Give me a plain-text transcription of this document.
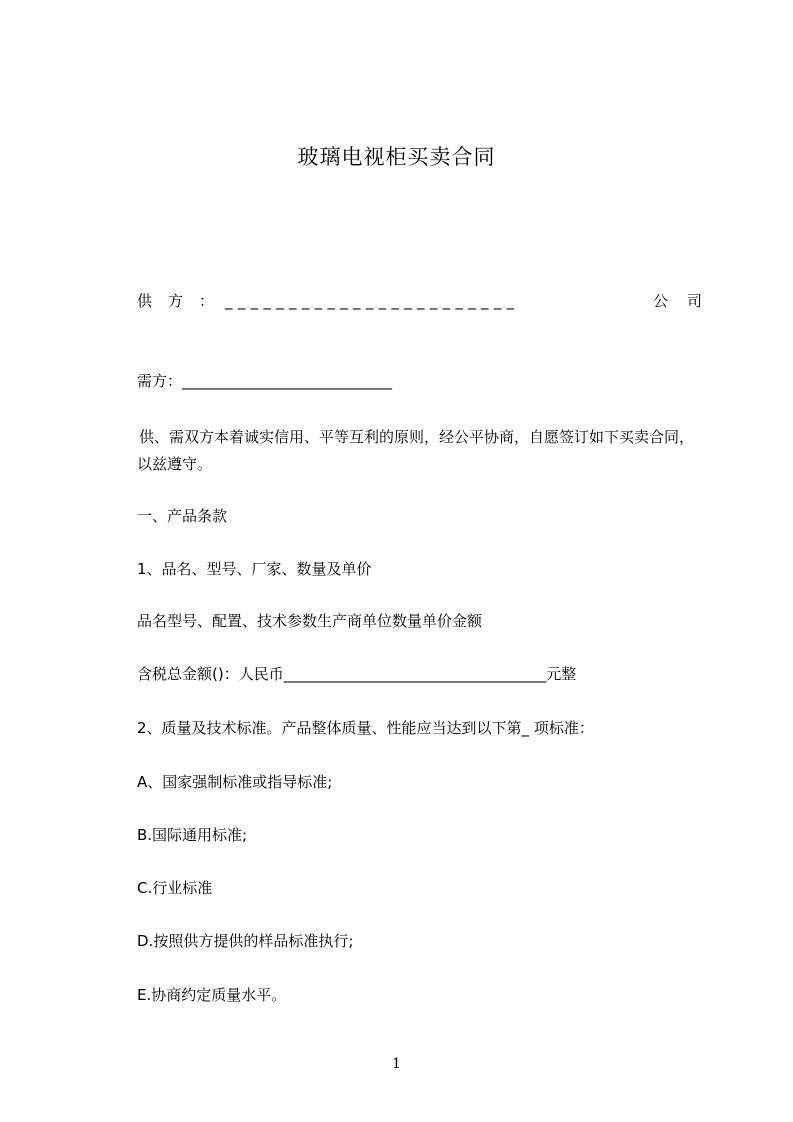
玻璃电视柜买卖合同
供方：
_______________________	公司
需方：____________________________
供、需双方本着诚实信用、平等互利的原则，经公平协商，自愿签订如下买卖合同，以兹遵守。
一、产品条款
1、品名、型号、厂家、数量及单价
品名型号、配置、技术参数生产商单位数量单价金额
含税总金额()：人民币___________________________________元整
2、质量及技术标准。产品整体质量、性能应当达到以下第_ 项标准：
A、国家强制标准或指导标准;
B.国际通用标准;
C.行业标准
D.按照供方提供的样品标准执行;
E.协商约定质量水平。
1
